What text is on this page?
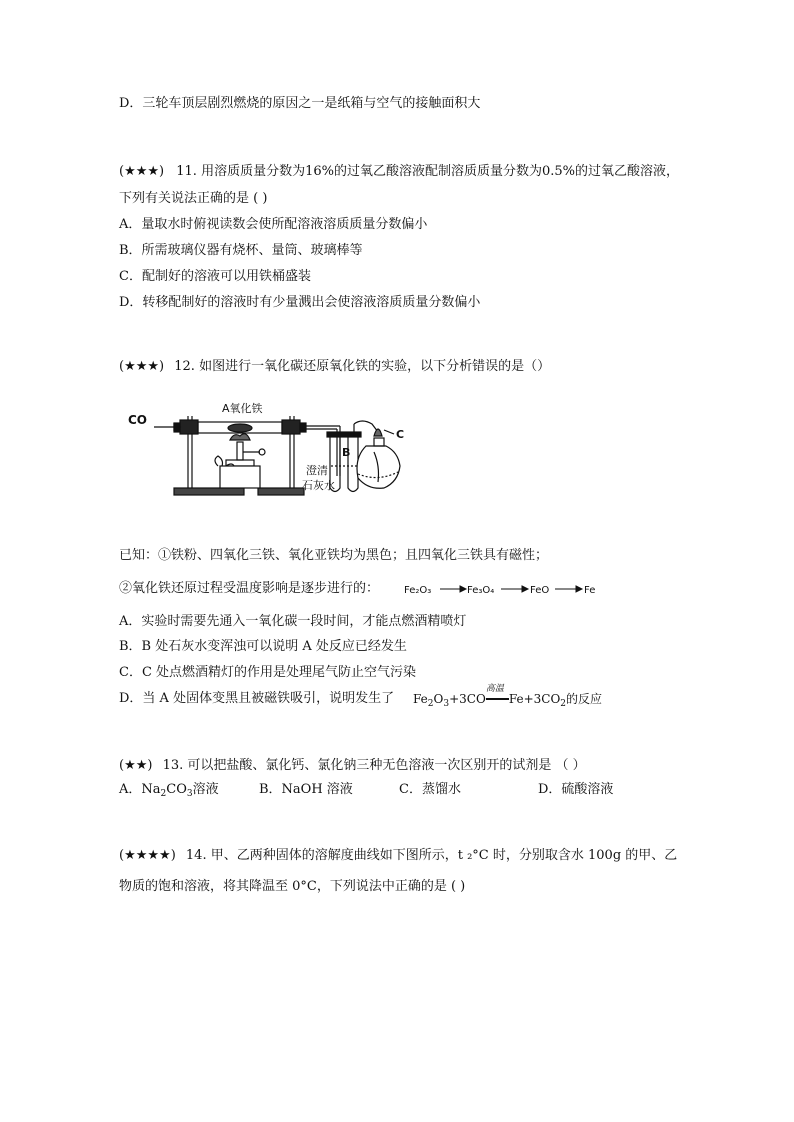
D．三轮车顶层剧烈燃烧的原因之一是纸箱与空气的接触面积大
(★★★) 11. 用溶质质量分数为16%的过氧乙酸溶液配制溶质质量分数为0.5%的过氧乙酸溶液，
下列有关说法正确的是 ( )
A．量取水时俯视读数会使所配溶液溶质质量分数偏小
B．所需玻璃仪器有烧杯、量筒、玻璃棒等
C．配制好的溶液可以用铁桶盛装
D．转移配制好的溶液时有少量溅出会使溶液溶质质量分数偏小
(★★★) 12. 如图进行一氧化碳还原氧化铁的实验，以下分析错误的是（）
CO
A氧化铁
B
C
澄清
石灰水
已知：①铁粉、四氧化三铁、氧化亚铁均为黑色；且四氧化三铁具有磁性；
②氧化铁还原过程受温度影响是逐步进行的： Fe₂O₃	Fe₃O₄	FeO	Fe
A．实验时需要先通入一氧化碳一段时间，才能点燃酒精喷灯
B．B 处石灰水变浑浊可以说明 A 处反应已经发生
C．C 处点燃酒精灯的作用是处理尾气防止空气污染
D．当 A 处固体变黑且被磁铁吸引，说明发生了 $Fe_2O_3+3CO$
高温
$Fe+3CO_2$的反应
(★★) 13. 可以把盐酸、氯化钙、氯化钠三种无色溶液一次区别开的试剂是 （ ）
A．$Na_2CO_3$溶液	B．NaOH 溶液	C．蒸馏水	D．硫酸溶液
(★★★★) 14. 甲、乙两种固体的溶解度曲线如下图所示，t ₂°C 时，分别取含水 100g 的甲、乙
物质的饱和溶液，将其降温至 0°C，下列说法中正确的是 ( )
